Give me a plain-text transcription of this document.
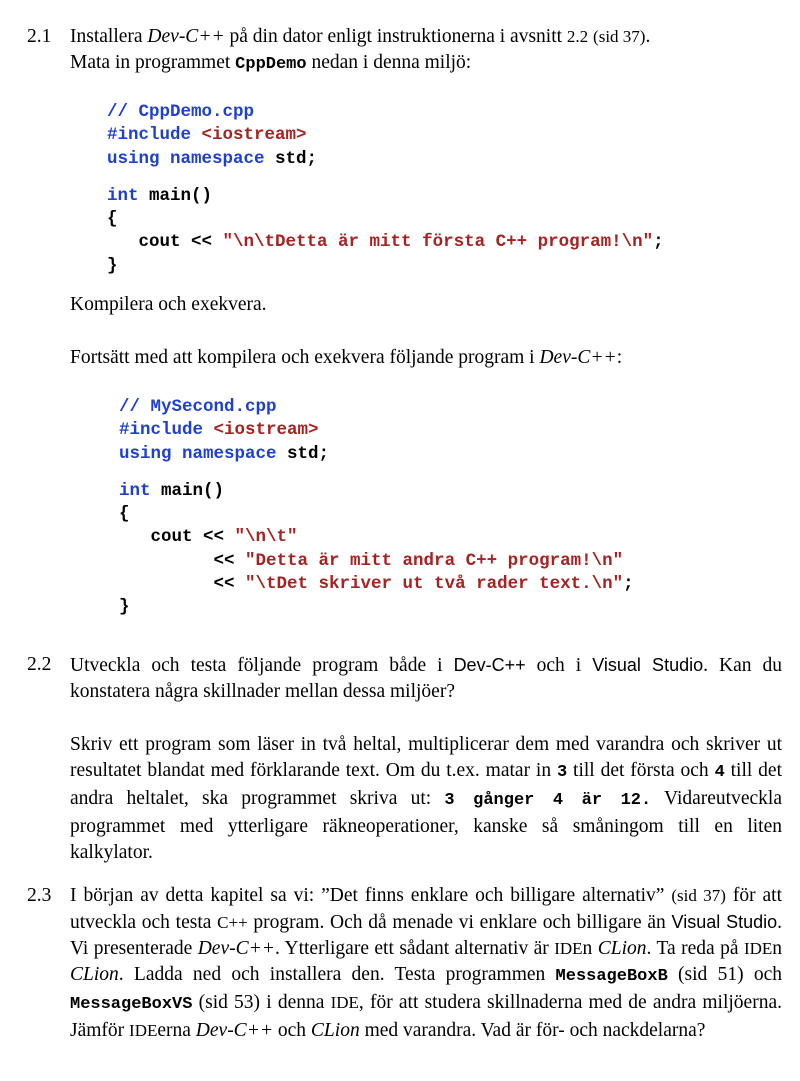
2.1 Installera Dev-C++ på din dator enligt instruktionerna i avsnitt 2.2 (sid 37).
Mata in programmet CppDemo nedan i denna miljö:

// CppDemo.cpp
#include <iostream>
using namespace std;

int main()
{
cout << "\n\tDetta är mitt första C++ program!\n";
}

Kompilera och exekvera.

Fortsätt med att kompilera och exekvera följande program i Dev-C++:

// MySecond.cpp
#include <iostream>
using namespace std;

int main()
{
cout << "\n\t"
<< "Detta är mitt andra C++ program!\n"
<< "\tDet skriver ut två rader text.\n";
}
2.2 Utveckla och testa följande program både i Dev-C++ och i Visual Studio. Kan du konstatera några skillnader mellan dessa miljöer?

Skriv ett program som läser in två heltal, multiplicerar dem med varandra och skriver ut resultatet blandat med förklarande text. Om du t.ex. matar in 3 till det första och 4 till det andra heltalet, ska programmet skriva ut: 3 gånger 4 är 12. Vidareutveckla programmet med ytterligare räkneoperationer, kanske så småningom till en liten kalkylator.

2.3 I början av detta kapitel sa vi: ”Det finns enklare och billigare alternativ” (sid 37) för att utveckla och testa C++ program. Och då menade vi enklare och billigare än Visual Studio. Vi presenterade Dev-C++. Ytterligare ett sådant alternativ är IDEn CLion. Ta reda på IDEn CLion. Ladda ned och installera den. Testa programmen MessageBoxB (sid 51) och MessageBoxVS (sid 53) i denna IDE, för att studera skillnaderna med de andra miljöerna. Jämför IDEerna Dev-C++ och CLion med varandra. Vad är för- och nackdelarna?
